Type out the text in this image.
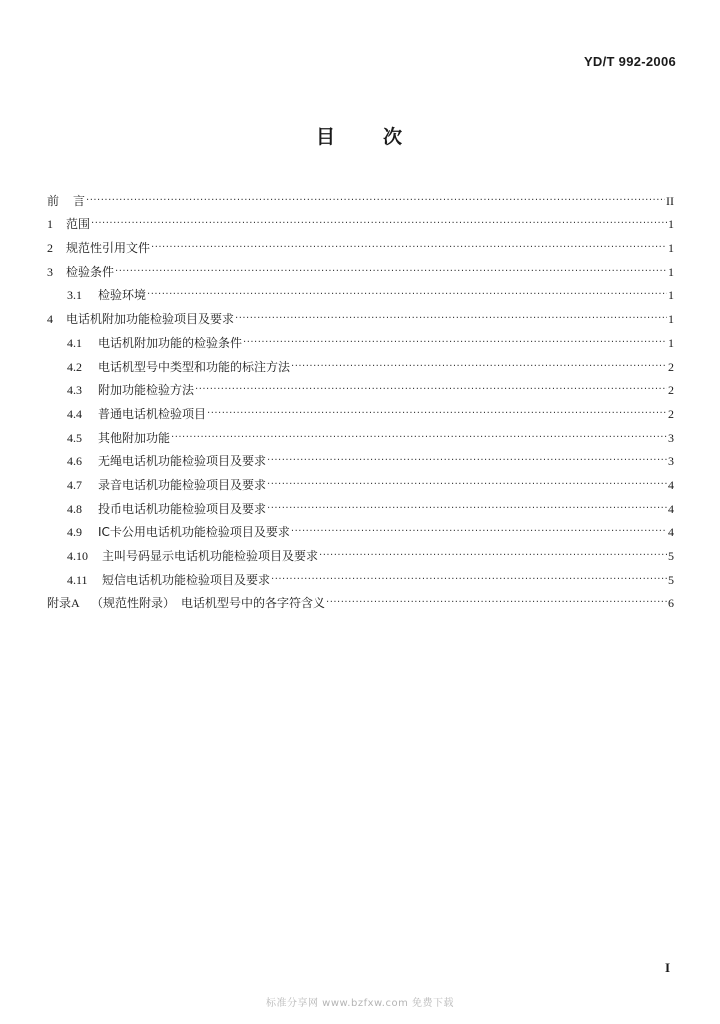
YD/T 992-2006
目 次
前	言 ·····	II
1	范围 ·····	1
2	规范性引用文件 ·····	1
3	检验条件 ·····	1
3.1	检验环境 ·····	1
4	电话机附加功能检验项目及要求 ·····	1
4.1	电话机附加功能的检验条件 ·····	1
4.2	电话机型号中类型和功能的标注方法 ·····	2
4.3	附加功能检验方法 ·····	2
4.4	普通电话机检验项目 ·····	2
4.5	其他附加功能 ·····	3
4.6	无绳电话机功能检验项目及要求 ·····	3
4.7	录音电话机功能检验项目及要求 ·····	4
4.8	投币电话机功能检验项目及要求 ·····	4
4.9	IC卡公用电话机功能检验项目及要求 ·····	4
4.10	主叫号码显示电话机功能检验项目及要求 ·····	5
4.11	短信电话机功能检验项目及要求 ·····	5
附录A （规范性附录）　电话机型号中的各字符含义 ·····	6
I
标准分享网 www.bzfxw.com 免费下载
